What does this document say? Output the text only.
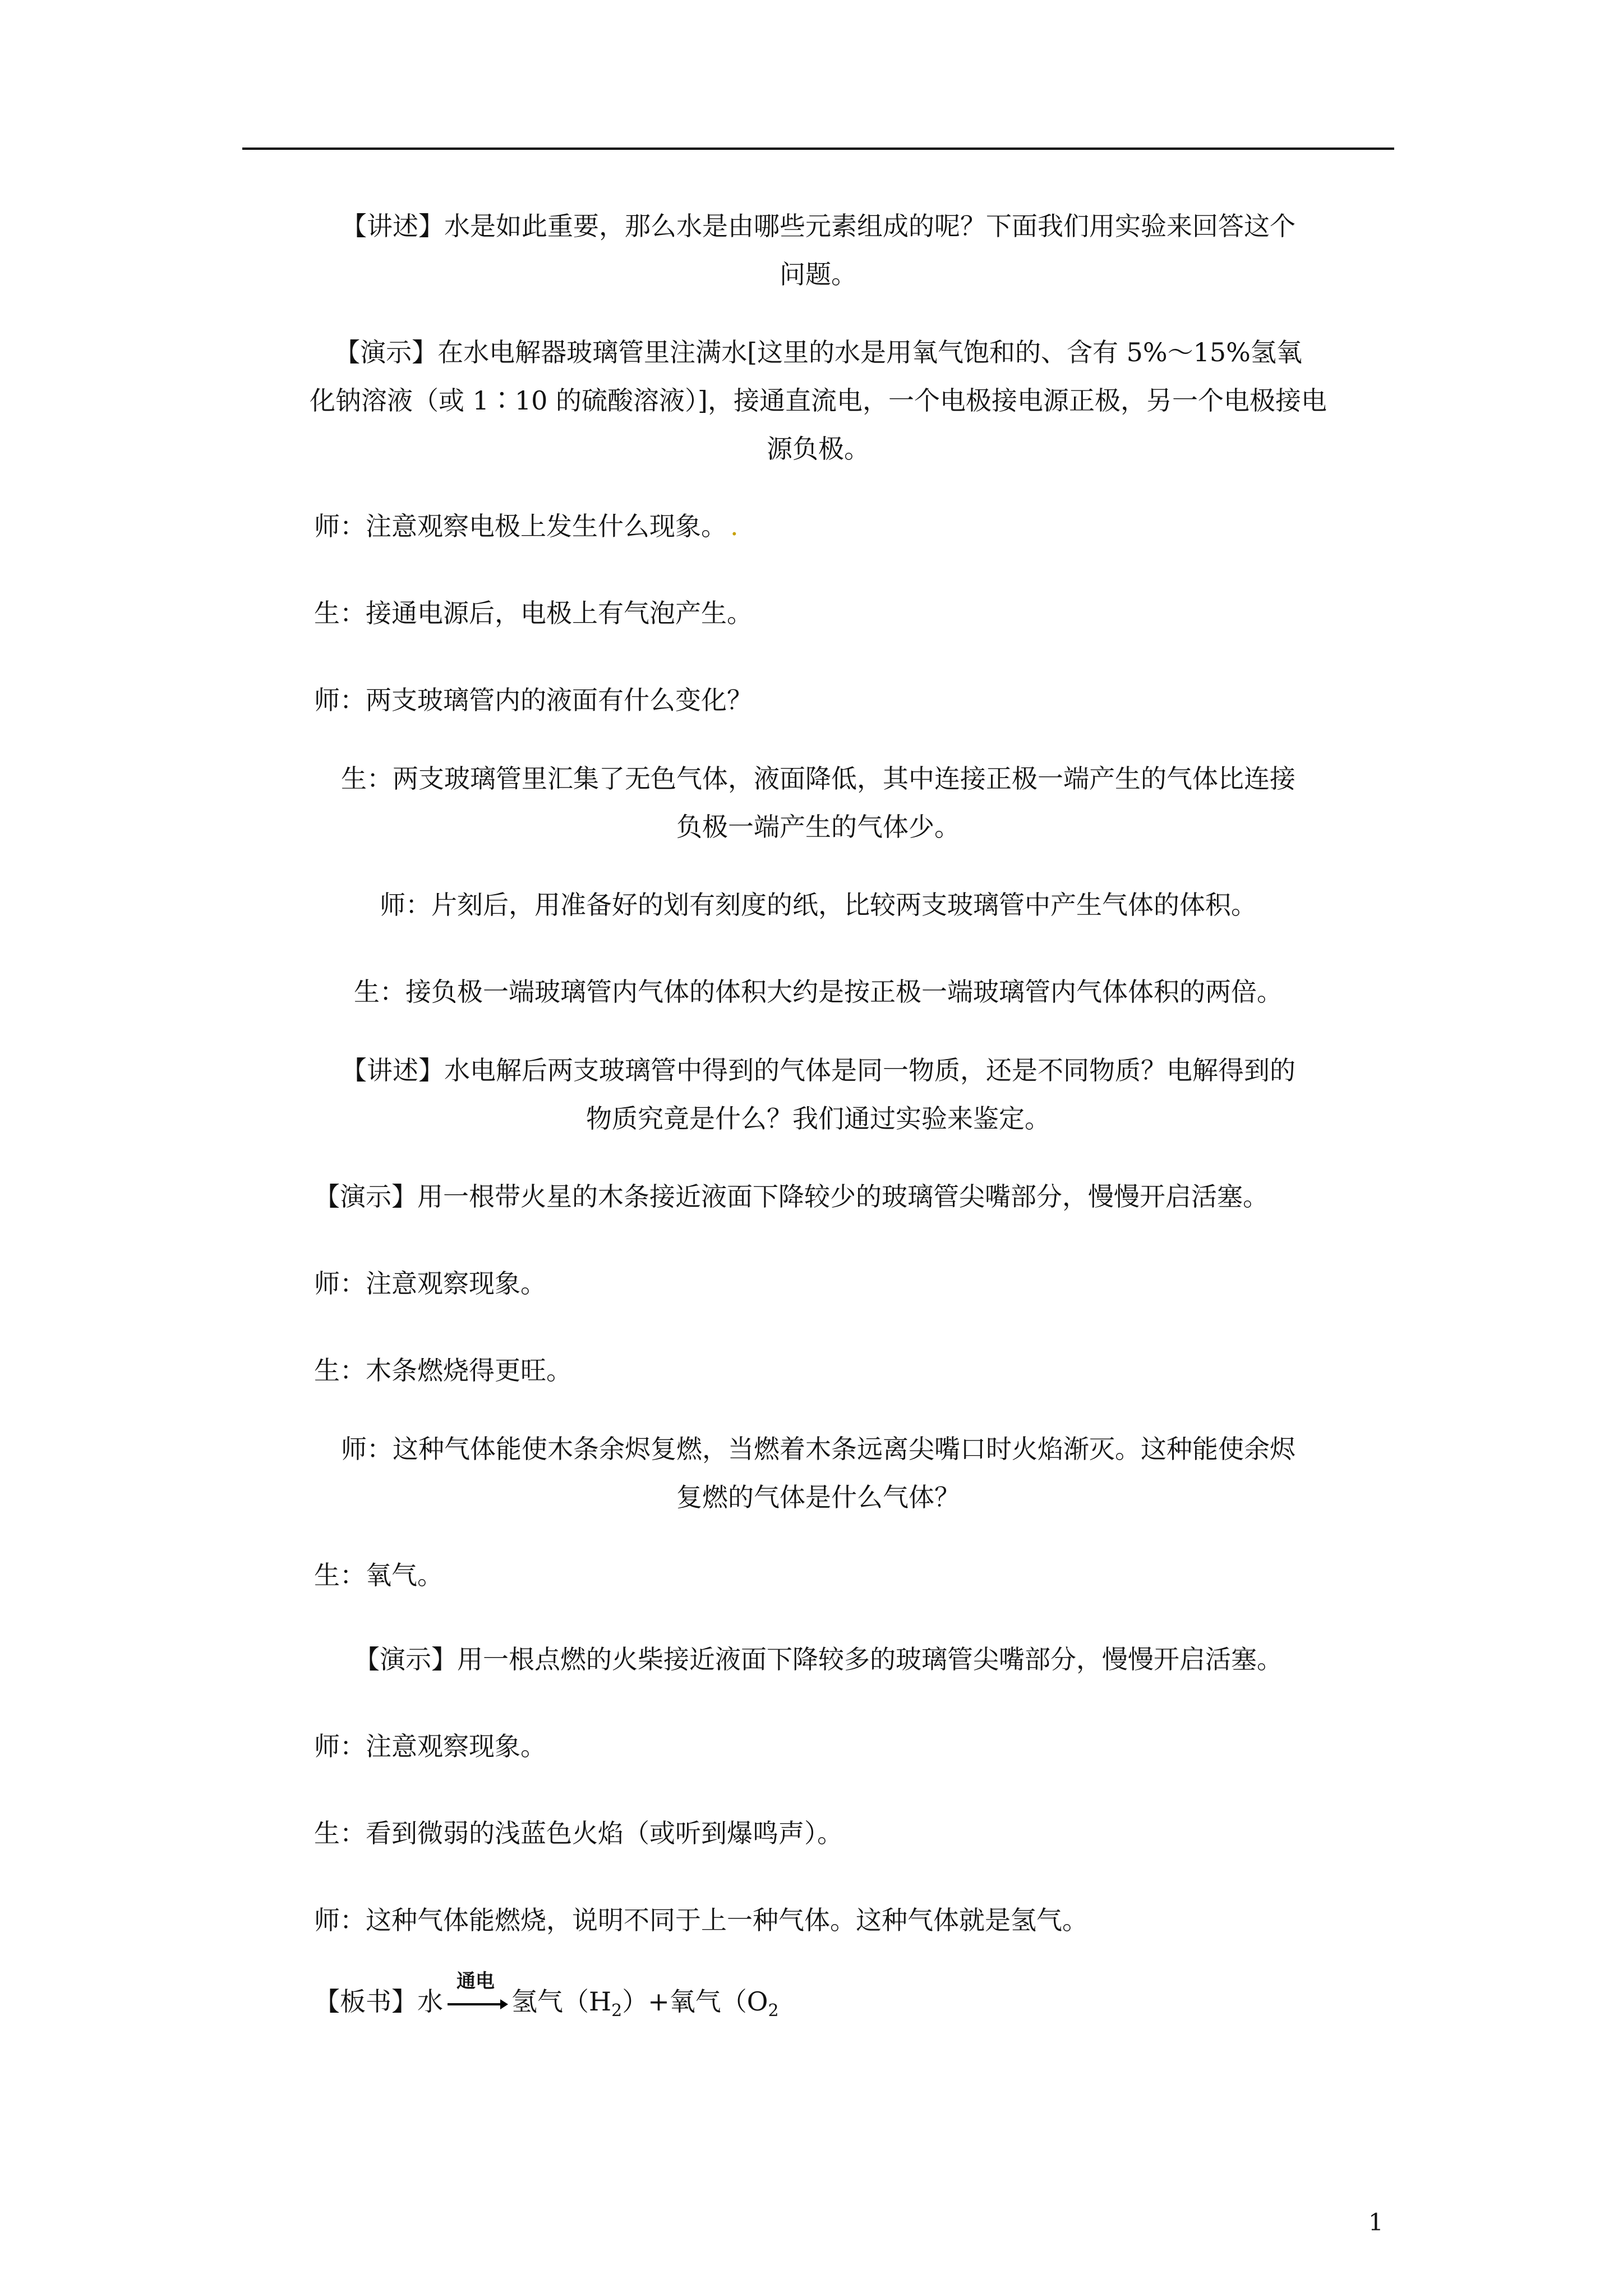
【讲述】水是如此重要，那么水是由哪些元素组成的呢？下面我们用实验来回答这个
问题。
【演示】在水电解器玻璃管里注满水[这里的水是用氧气饱和的、含有 5%～15%氢氧
化钠溶液（或 1∶10 的硫酸溶液）]，接通直流电，一个电极接电源正极，另一个电极接电
源负极。
师：注意观察电极上发生什么现象。 .
生：接通电源后，电极上有气泡产生。
师：两支玻璃管内的液面有什么变化？
生：两支玻璃管里汇集了无色气体，液面降低，其中连接正极一端产生的气体比连接
负极一端产生的气体少。
师：片刻后，用准备好的划有刻度的纸，比较两支玻璃管中产生气体的体积。
生：接负极一端玻璃管内气体的体积大约是按正极一端玻璃管内气体体积的两倍。
【讲述】水电解后两支玻璃管中得到的气体是同一物质，还是不同物质？电解得到的
物质究竟是什么？我们通过实验来鉴定。
【演示】用一根带火星的木条接近液面下降较少的玻璃管尖嘴部分，慢慢开启活塞。
师：注意观察现象。
生：木条燃烧得更旺。
师：这种气体能使木条余烬复燃，当燃着木条远离尖嘴口时火焰渐灭。这种能使余烬
复燃的气体是什么气体？
生：氧气。
【演示】用一根点燃的火柴接近液面下降较多的玻璃管尖嘴部分，慢慢开启活塞。
师：注意观察现象。
生：看到微弱的浅蓝色火焰（或听到爆鸣声）。
师：这种气体能燃烧，说明不同于上一种气体。这种气体就是氢气。
【板书】水
通电
氢气$(H_2)+$氧气（$O_2$
1
